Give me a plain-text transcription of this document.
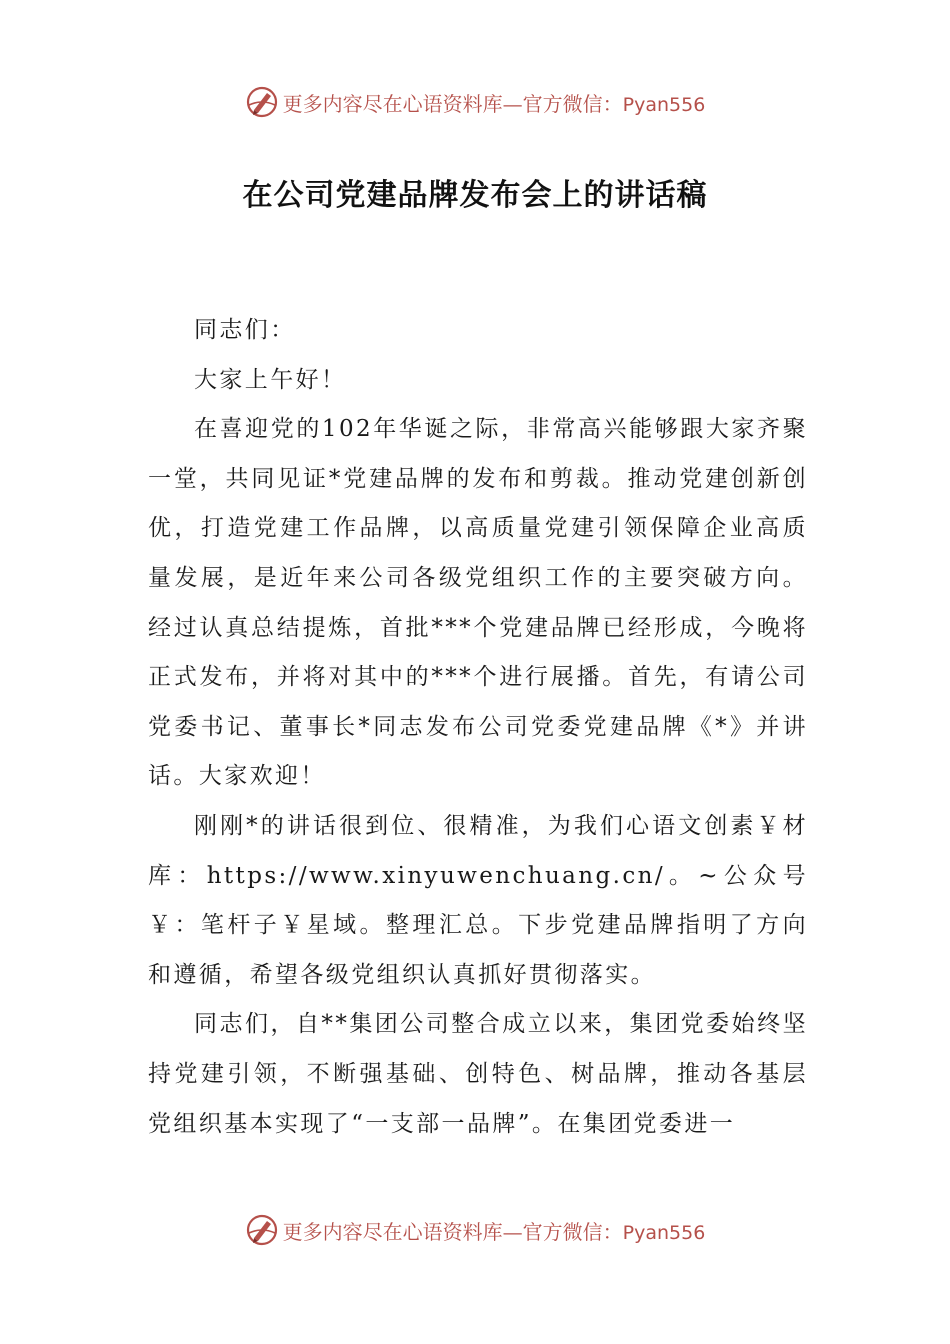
更多内容尽在心语资料库—官方微信：Pyan556
在公司党建品牌发布会上的讲话稿

同志们：

大家上午好！

在喜迎党的102年华诞之际，非常高兴能够跟大家齐聚一堂，共同见证*党建品牌的发布和剪裁。推动党建创新创优，打造党建工作品牌，以高质量党建引领保障企业高质量发展，是近年来公司各级党组织工作的主要突破方向。经过认真总结提炼，首批***个党建品牌已经形成，今晚将正式发布，并将对其中的***个进行展播。首先，有请公司党委书记、董事长*同志发布公司党委党建品牌《*》并讲话。大家欢迎！

刚刚*的讲话很到位、很精准，为我们心语文创素￥材库：https://www.xinyuwenchuang.cn/。~公众号￥：笔杆子￥星域。整理汇总。下步党建品牌指明了方向和遵循，希望各级党组织认真抓好贯彻落实。

同志们，自**集团公司整合成立以来，集团党委始终坚持党建引领，不断强基础、创特色、树品牌，推动各基层党组织基本实现了“一支部一品牌”。在集团党委进一

更多内容尽在心语资料库—官方微信：Pyan556
